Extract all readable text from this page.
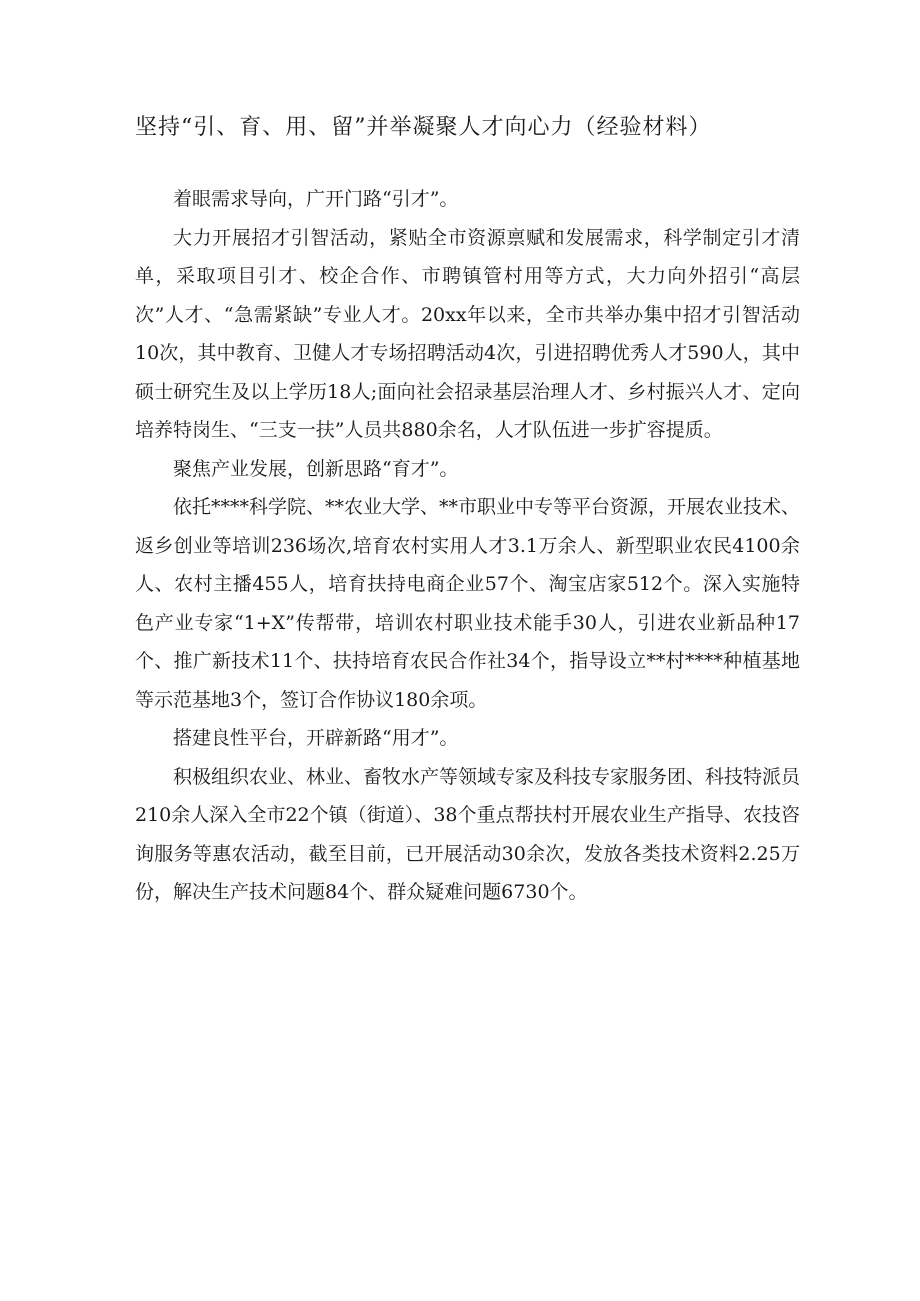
坚持“引、育、用、留”并举凝聚人才向心力（经验材料）

着眼需求导向，广开门路“引才”。

大力开展招才引智活动，紧贴全市资源禀赋和发展需求，科学制定引才清单，采取项目引才、校企合作、市聘镇管村用等方式，大力向外招引“高层次”人才、“急需紧缺”专业人才。20xx年以来，全市共举办集中招才引智活动10次，其中教育、卫健人才专场招聘活动4次，引进招聘优秀人才590人，其中硕士研究生及以上学历18人;面向社会招录基层治理人才、乡村振兴人才、定向培养特岗生、“三支一扶”人员共880余名，人才队伍进一步扩容提质。

聚焦产业发展，创新思路“育才”。

依托****科学院、**农业大学、**市职业中专等平台资源，开展农业技术、返乡创业等培训236场次,培育农村实用人才3.1万余人、新型职业农民4100余人、农村主播455人，培育扶持电商企业57个、淘宝店家512个。深入实施特色产业专家“1+X”传帮带，培训农村职业技术能手30人，引进农业新品种17个、推广新技术11个、扶持培育农民合作社34个，指导设立**村****种植基地等示范基地3个，签订合作协议180余项。

搭建良性平台，开辟新路“用才”。

积极组织农业、林业、畜牧水产等领域专家及科技专家服务团、科技特派员210余人深入全市22个镇（街道）、38个重点帮扶村开展农业生产指导、农技咨询服务等惠农活动，截至目前，已开展活动30余次，发放各类技术资料2.25万份，解决生产技术问题84个、群众疑难问题6730个。
